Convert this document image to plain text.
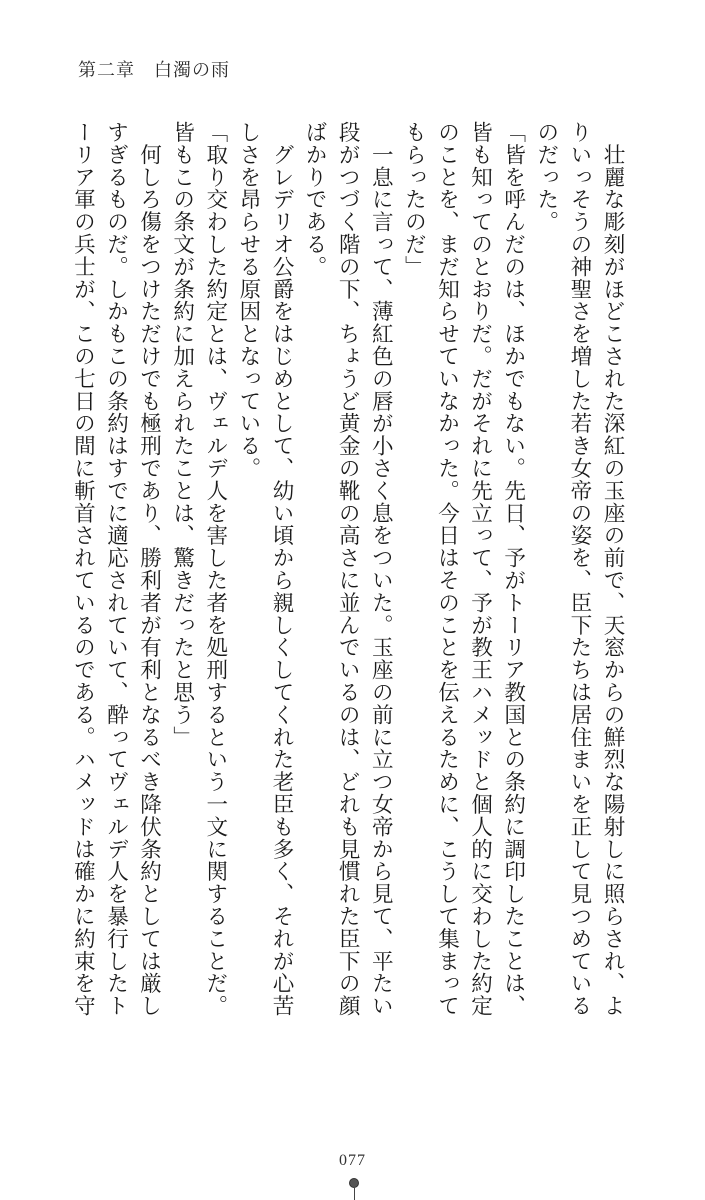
第二章　白濁の雨
　壮麗な彫刻がほどこされた深紅の玉座の前で、天窓からの鮮烈な陽射しに照らされ、よ
りいっそうの神聖さを増した若き女帝の姿を、臣下たちは居住まいを正して見つめている
のだった。
「皆を呼んだのは、ほかでもない。先日、予がトーリア教国との条約に調印したことは、
皆も知ってのとおりだ。だがそれに先立って、予が教王ハメッドと個人的に交わした約定
のことを、まだ知らせていなかった。今日はそのことを伝えるために、こうして集まって
もらったのだ」
　一息に言って、薄紅色の唇が小さく息をついた。玉座の前に立つ女帝から見て、平たい
段がつづく階の下、ちょうど黄金の靴の高さに並んでいるのは、どれも見慣れた臣下の顔
ばかりである。
　グレデリオ公爵をはじめとして、幼い頃から親しくしてくれた老臣も多く、それが心苦
しさを昂らせる原因となっている。
「取り交わした約定とは、ヴェルデ人を害した者を処刑するという一文に関することだ。
皆もこの条文が条約に加えられたことは、驚きだったと思う」
　何しろ傷をつけただけでも極刑であり、勝利者が有利となるべき降伏条約としては厳し
すぎるものだ。しかもこの条約はすでに適応されていて、酔ってヴェルデ人を暴行したト
ーリア軍の兵士が、この七日の間に斬首されているのである。ハメッドは確かに約束を守
077
